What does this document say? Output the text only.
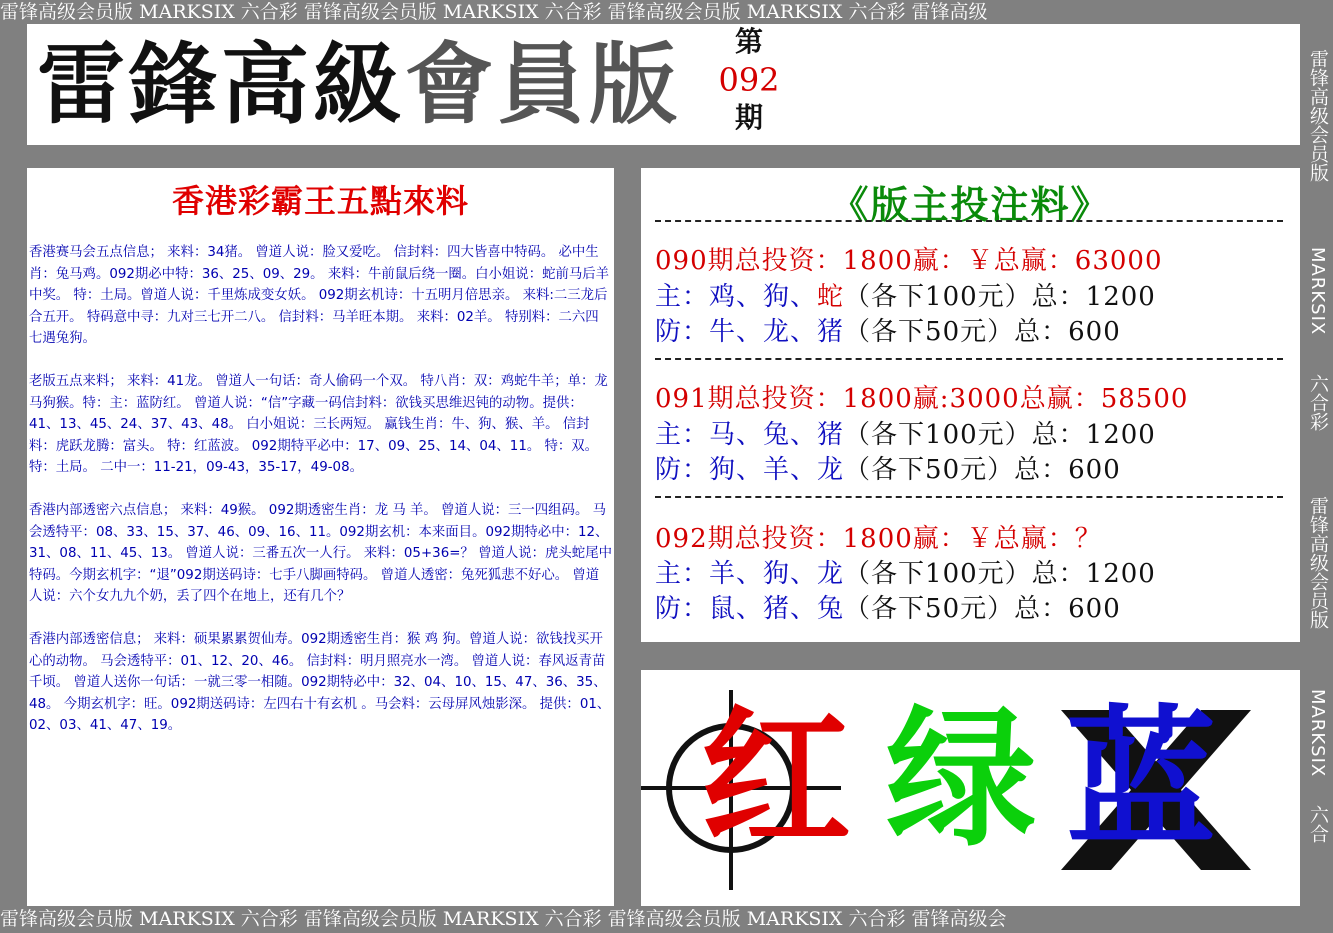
雷锋高级会员版 MARKSIX 六合彩 雷锋高级会员版 MARKSIX 六合彩 雷锋高级会员版 MARKSIX 六合彩 雷锋高级
雷锋高级会员版
MARKSIX
六合彩
雷锋高级会员版
MARKSIX
六合
雷鋒高級會員版	第
092
期
香港彩霸王五點來料

香港赛马会五点信息； 来料：34猪。 曾道人说：脸又爱吃。 信封料：四大皆喜中特码。 必中生肖：兔马鸡。092期必中特：36、25、09、29。 来料：牛前鼠后绕一圈。白小姐说：蛇前马后羊中奖。 特：土局。曾道人说：千里炼成变女妖。 092期玄机诗：十五明月倍思亲。 来料:二三龙后合五开。 特码意中寻：九对三七开二八。 信封料：马羊旺本期。 来料：02羊。 特别料：二六四七遇兔狗。

老版五点来料； 来料：41龙。 曾道人一句话：奇人偷码一个双。 特八肖：双：鸡蛇牛羊；单：龙马狗猴。特：主：蓝防红。 曾道人说：“信”字藏一码信封料：欲钱买思维迟钝的动物。提供：41、13、45、24、37、43、48。 白小姐说：三长两短。 赢钱生肖：牛、狗、猴、羊。 信封料：虎跃龙腾：富头。 特：红蓝波。 092期特平必中：17、09、25、14、04、11。 特：双。 特：土局。 二中一：11-21，09-43，35-17，49-08。

香港内部透密六点信息； 来料：49猴。 092期透密生肖：龙 马 羊。 曾道人说：三一四组码。 马会透特平：08、33、15、37、46、09、16、11。092期玄机：本来面目。092期特必中：12、31、08、11、45、13。 曾道人说：三番五次一人行。 来料：05+36=？ 曾道人说：虎头蛇尾中特码。今期玄机字：“退”092期送码诗：七手八脚画特码。 曾道人透密：兔死狐悲不好心。 曾道人说：六个女九九个奶，丢了四个在地上，还有几个？

香港内部透密信息； 来料：硕果累累贺仙寿。092期透密生肖：猴 鸡 狗。曾道人说：欲钱找买开心的动物。 马会透特平：01、12、20、46。 信封料：明月照亮水一湾。 曾道人说：春风返青苗千顷。 曾道人送你一句话：一就三零一相随。092期特必中：32、04、10、15、47、36、35、48。 今期玄机字：旺。092期送码诗：左四右十有玄机 。马会料：云母屏风烛影深。 提供：01、02、03、41、47、19。

《版主投注料》
090期总投资：1800赢：￥总赢：63000
主：鸡、狗、蛇（各下100元）总：1200
防：牛、龙、猪（各下50元）总：600
091期总投资：1800赢:3000总赢：58500
主：马、兔、猪（各下100元）总：1200
防：狗、羊、龙（各下50元）总：600
092期总投资：1800赢：￥总赢：？
主：羊、狗、龙（各下100元）总：1200
防：鼠、猪、兔（各下50元）总：600
红 绿 蓝
雷锋高级会员版 MARKSIX 六合彩 雷锋高级会员版 MARKSIX 六合彩 雷锋高级会员版 MARKSIX 六合彩 雷锋高级会
